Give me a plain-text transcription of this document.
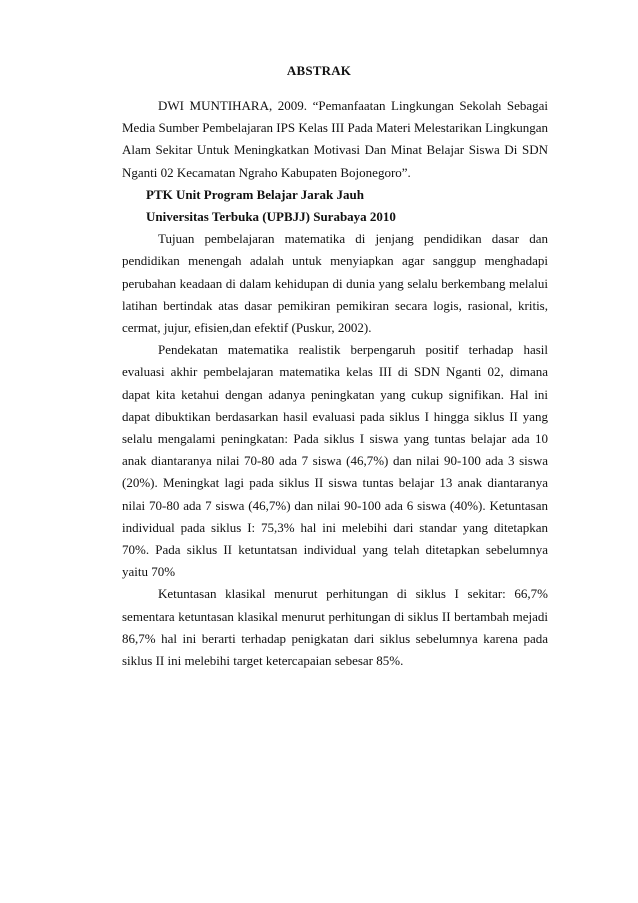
ABSTRAK

DWI MUNTIHARA, 2009. “Pemanfaatan Lingkungan Sekolah Sebagai Media Sumber Pembelajaran IPS Kelas III Pada Materi Melestarikan Lingkungan Alam Sekitar Untuk Meningkatkan Motivasi Dan Minat Belajar Siswa Di SDN Nganti 02 Kecamatan Ngraho Kabupaten Bojonegoro”.

PTK Unit Program Belajar Jarak Jauh

Universitas Terbuka (UPBJJ) Surabaya 2010

Tujuan pembelajaran matematika di jenjang pendidikan dasar dan pendidikan menengah adalah untuk menyiapkan agar sanggup menghadapi perubahan keadaan di dalam kehidupan di dunia yang selalu berkembang melalui latihan bertindak atas dasar pemikiran pemikiran secara logis, rasional, kritis, cermat, jujur, efisien,dan efektif (Puskur, 2002).

Pendekatan matematika realistik berpengaruh positif terhadap hasil evaluasi akhir pembelajaran matematika kelas III di SDN Nganti 02, dimana dapat kita ketahui dengan adanya peningkatan yang cukup signifikan. Hal ini dapat dibuktikan berdasarkan hasil evaluasi pada siklus I hingga siklus II yang selalu mengalami peningkatan: Pada siklus I siswa yang tuntas belajar ada 10 anak diantaranya nilai 70-80 ada 7 siswa (46,7%) dan nilai 90-100 ada 3 siswa (20%). Meningkat lagi pada siklus II siswa tuntas belajar 13 anak diantaranya nilai 70-80 ada 7 siswa (46,7%) dan nilai 90-100 ada 6 siswa (40%). Ketuntasan individual pada siklus I: 75,3% hal ini melebihi dari standar yang ditetapkan 70%. Pada siklus II ketuntatsan individual yang telah ditetapkan sebelumnya yaitu 70%

Ketuntasan klasikal menurut perhitungan di siklus I sekitar: 66,7% sementara ketuntasan klasikal menurut perhitungan di siklus II bertambah mejadi 86,7% hal ini berarti terhadap penigkatan dari siklus sebelumnya karena pada siklus II ini melebihi target ketercapaian sebesar 85%.
